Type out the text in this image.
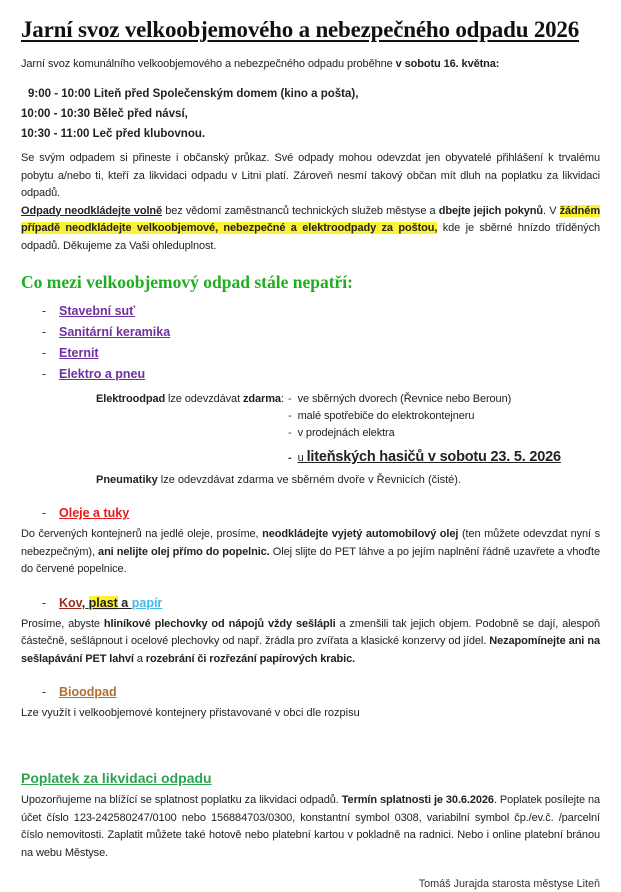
Jarní svoz velkoobjemového a nebezpečného odpadu 2026

Jarní svoz komunálního velkoobjemového a nebezpečného odpadu proběhne v sobotu 16. května:

9:00 - 10:00 Liteň před Společenským domem (kino a pošta),
10:00 - 10:30 Běleč před návsí,
10:30 - 11:00 Leč před klubovnou.

Se svým odpadem si přineste i občanský průkaz. Své odpady mohou odevzdat jen obyvatelé přihlášení k trvalému pobytu a/nebo ti, kteří za likvidaci odpadu v Litni platí. Zároveň nesmí takový občan mít dluh na poplatku za likvidaci odpadů.

Odpady neodkládejte volně bez vědomí zaměstnanců technických služeb městyse a dbejte jejich pokynů. V žádném případě neodkládejte velkoobjemové, nebezpečné a elektroodpady za poštou, kde je sběrné hnízdo tříděných odpadů. Děkujeme za Vaši ohleduplnost.

Co mezi velkoobjemový odpad stále nepatří:
- Stavební suť
- Sanitární keramika
- Eternit
- Elektro a pneu
Elektroodpad lze odevzdávat zdarma: - ve sběrných dvorech (Řevnice nebo Beroun)
- malé spotřebiče do elektrokontejneru
- v prodejnách elektra
- u liteňských hasičů v sobotu 23. 5. 2026
Pneumatiky lze odevzdávat zdarma ve sběrném dvoře v Řevnicích (čisté).
- Oleje a tuky

Do červených kontejnerů na jedlé oleje, prosíme, neodkládejte vyjetý automobilový olej (ten můžete odevzdat nyní s nebezpečným), ani nelijte olej přímo do popelnic. Olej slijte do PET láhve a po jejím naplnění řádně uzavřete a vhoďte do červené popelnice.

- Kov, plast a papír

Prosíme, abyste hliníkové plechovky od nápojů vždy sešlápli a zmenšili tak jejich objem. Podobně se dají, alespoň částečně, sešlápnout i ocelové plechovky od např. žrádla pro zvířata a klasické konzervy od jídel. Nezapomínejte ani na sešlapávání PET lahví a rozebrání či rozřezání papírových krabic.

- Bioodpad

Lze využít i velkoobjemové kontejnery přistavované v obci dle rozpisu

Poplatek za likvidaci odpadu

Upozorňujeme na blížící se splatnost poplatku za likvidaci odpadů. Termín splatnosti je 30.6.2026. Poplatek posílejte na účet číslo 123-242580247/0100 nebo 156884703/0300, konstantní symbol 0308, variabilní symbol čp./ev.č. /parcelní číslo nemovitosti. Zaplatit můžete také hotově nebo platební kartou v pokladně na radnici. Nebo i online platební bránou na webu Městyse.

Tomáš Jurajda starosta městyse Liteň
